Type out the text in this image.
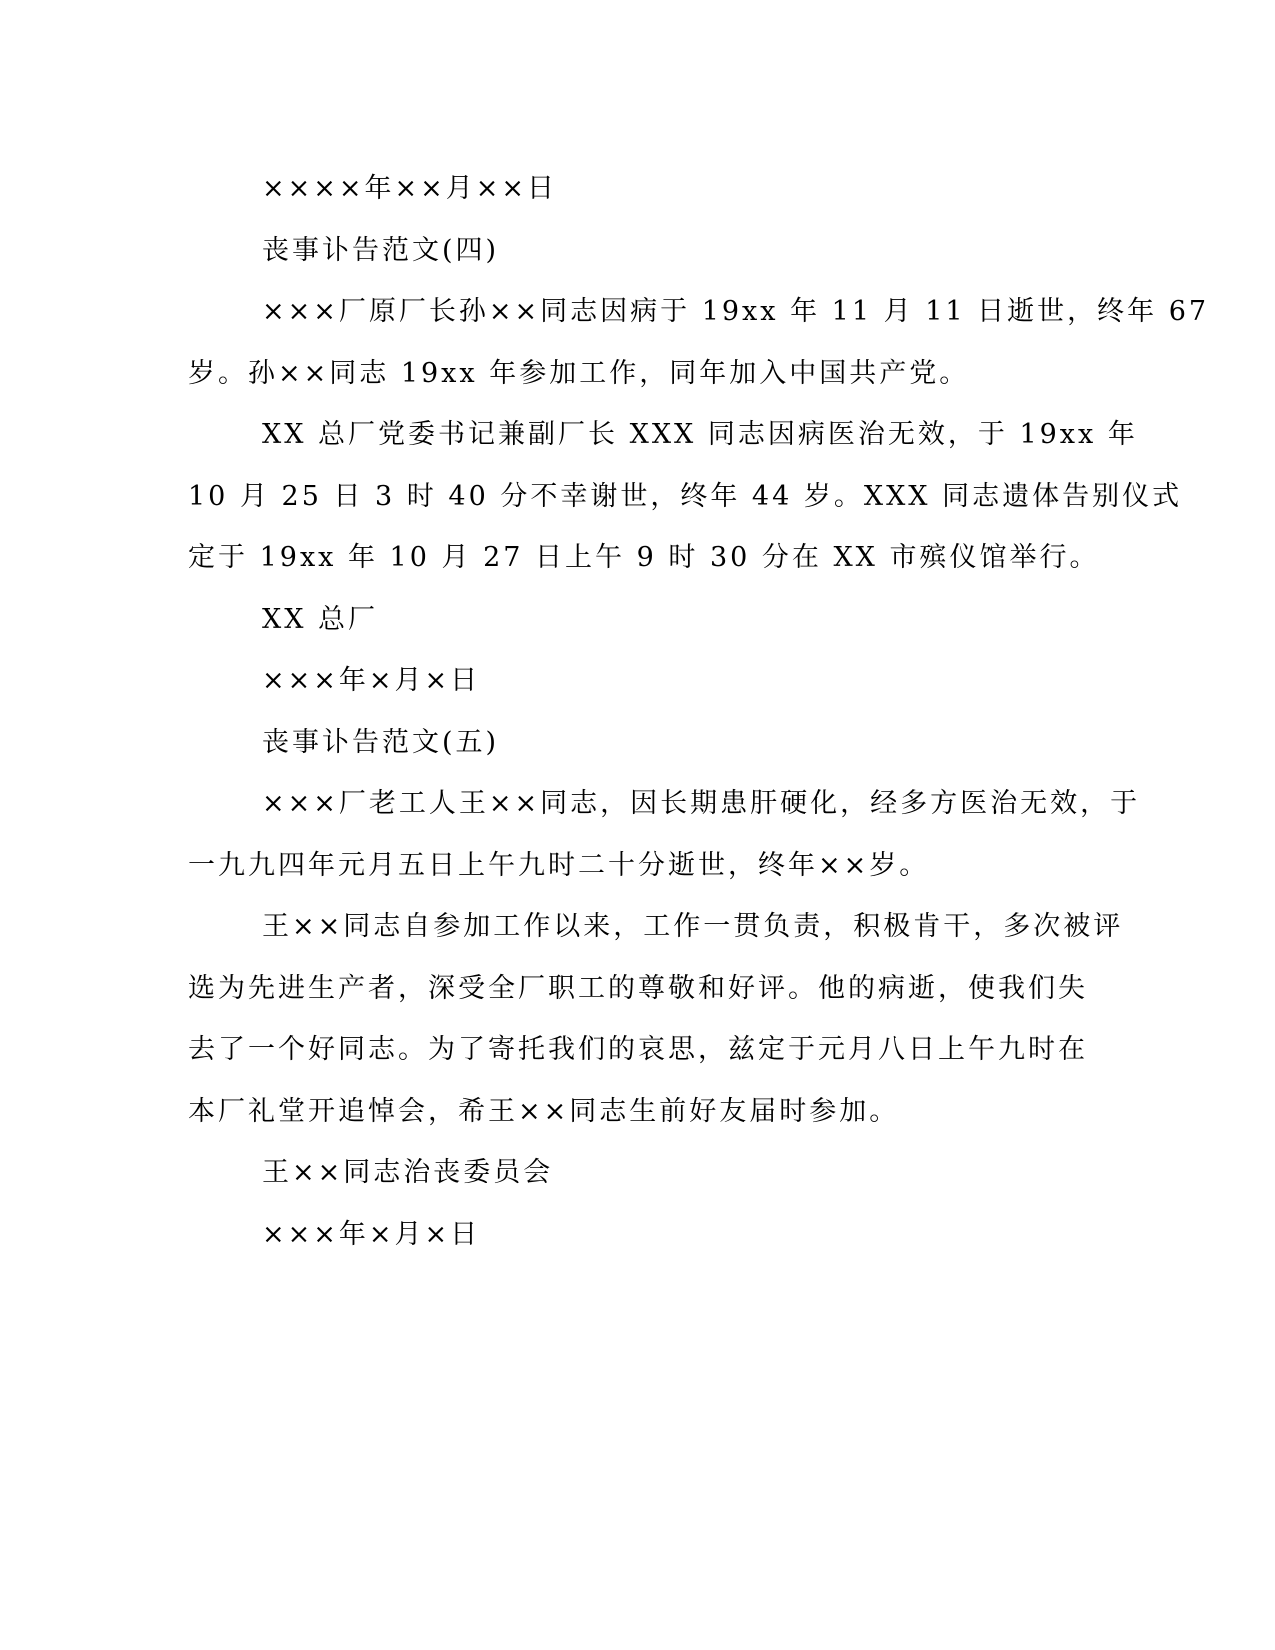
××××年××月××日
丧事讣告范文(四)
×××厂原厂长孙××同志因病于 19xx 年 11 月 11 日逝世，终年 67
岁。孙××同志 19xx 年参加工作，同年加入中国共产党。
XX 总厂党委书记兼副厂长 XXX 同志因病医治无效，于 19xx 年
10 月 25 日 3 时 40 分不幸谢世，终年 44 岁。XXX 同志遗体告别仪式
定于 19xx 年 10 月 27 日上午 9 时 30 分在 XX 市殡仪馆举行。
XX 总厂
×××年×月×日
丧事讣告范文(五)
×××厂老工人王××同志，因长期患肝硬化，经多方医治无效，于
一九九四年元月五日上午九时二十分逝世，终年××岁。
王××同志自参加工作以来，工作一贯负责，积极肯干，多次被评
选为先进生产者，深受全厂职工的尊敬和好评。他的病逝，使我们失
去了一个好同志。为了寄托我们的哀思，兹定于元月八日上午九时在
本厂礼堂开追悼会，希王××同志生前好友届时参加。
王××同志治丧委员会
×××年×月×日
